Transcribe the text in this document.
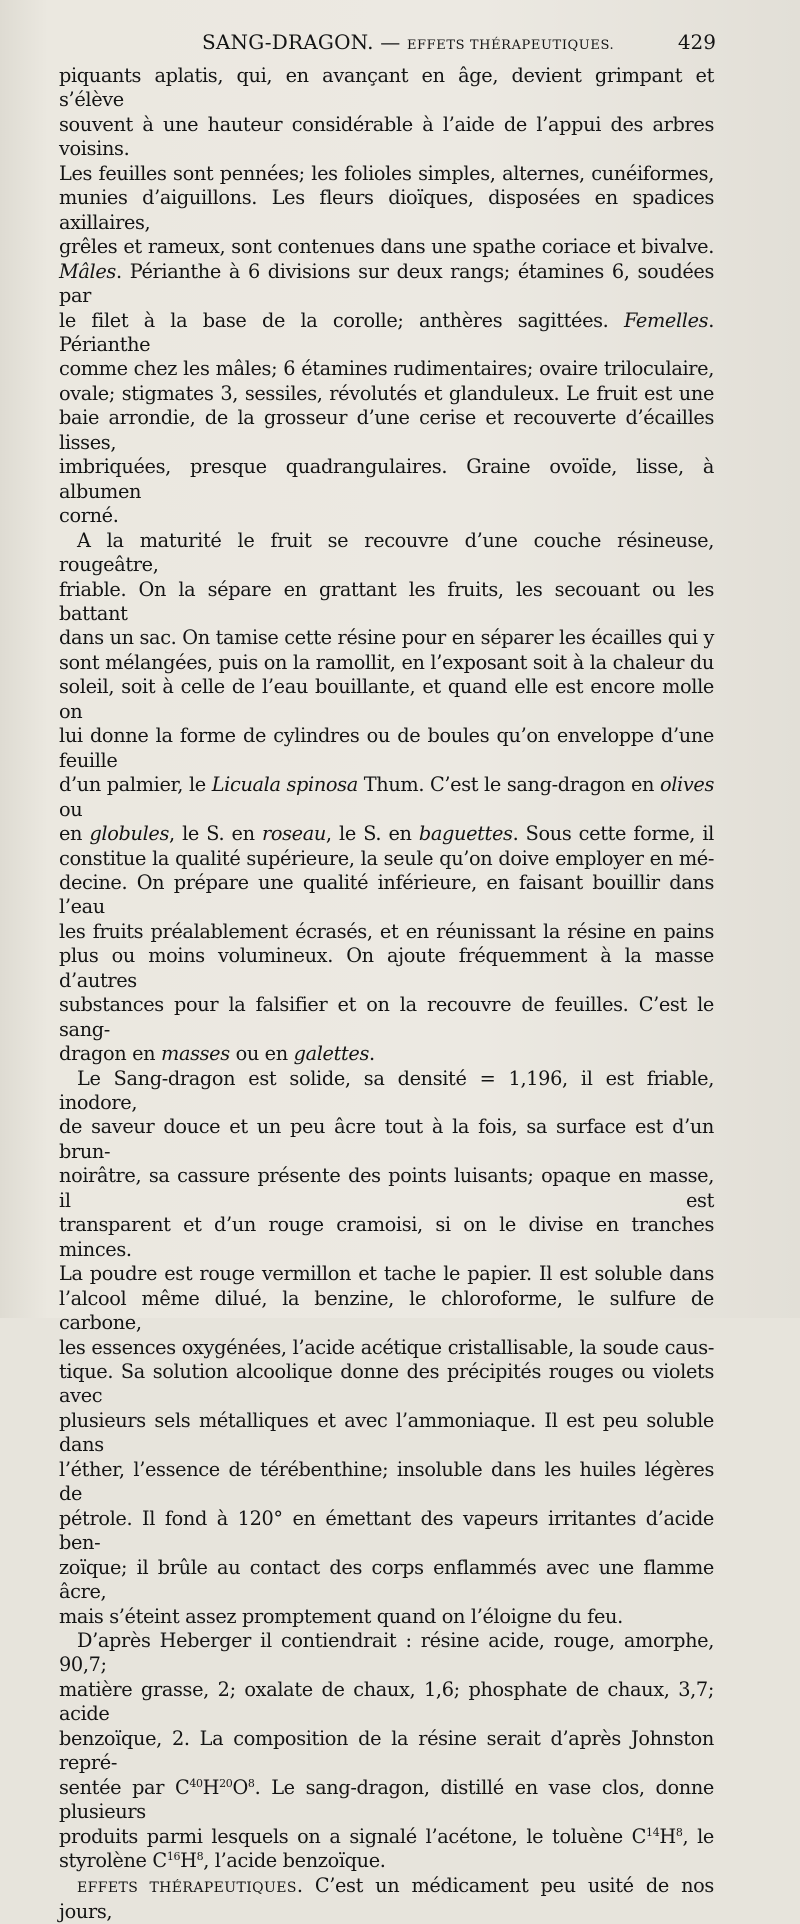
SANG-DRAGON. — EFFETS THÉRAPEUTIQUES.	429

piquants aplatis, qui, en avançant en âge, devient grimpant et s’élève

souvent à une hauteur considérable à l’aide de l’appui des arbres voisins.

Les feuilles sont pennées; les folioles simples, alternes, cunéiformes,

munies d’aiguillons. Les fleurs dioïques, disposées en spadices axillaires,

grêles et rameux, sont contenues dans une spathe coriace et bivalve.

Mâles. Périanthe à 6 divisions sur deux rangs; étamines 6, soudées par

le filet à la base de la corolle; anthères sagittées. Femelles. Périanthe

comme chez les mâles; 6 étamines rudimentaires; ovaire triloculaire,

ovale; stigmates 3, sessiles, révolutés et glanduleux. Le fruit est une

baie arrondie, de la grosseur d’une cerise et recouverte d’écailles lisses,

imbriquées, presque quadrangulaires. Graine ovoïde, lisse, à albumen

corné.

A la maturité le fruit se recouvre d’une couche résineuse, rougeâtre,

friable. On la sépare en grattant les fruits, les secouant ou les battant

dans un sac. On tamise cette résine pour en séparer les écailles qui y

sont mélangées, puis on la ramollit, en l’exposant soit à la chaleur du

soleil, soit à celle de l’eau bouillante, et quand elle est encore molle on

lui donne la forme de cylindres ou de boules qu’on enveloppe d’une feuille

d’un palmier, le Licuala spinosa Thum. C’est le sang-dragon en olives ou

en globules, le S. en roseau, le S. en baguettes. Sous cette forme, il

constitue la qualité supérieure, la seule qu’on doive employer en mé-

decine. On prépare une qualité inférieure, en faisant bouillir dans l’eau

les fruits préalablement écrasés, et en réunissant la résine en pains

plus ou moins volumineux. On ajoute fréquemment à la masse d’autres

substances pour la falsifier et on la recouvre de feuilles. C’est le sang-

dragon en masses ou en galettes.

Le Sang-dragon est solide, sa densité = 1,196, il est friable, inodore,

de saveur douce et un peu âcre tout à la fois, sa surface est d’un brun-

noirâtre, sa cassure présente des points luisants; opaque en masse, il est

transparent et d’un rouge cramoisi, si on le divise en tranches minces.

La poudre est rouge vermillon et tache le papier. Il est soluble dans

l’alcool même dilué, la benzine, le chloroforme, le sulfure de carbone,

les essences oxygénées, l’acide acétique cristallisable, la soude caus-

tique. Sa solution alcoolique donne des précipités rouges ou violets avec

plusieurs sels métalliques et avec l’ammoniaque. Il est peu soluble dans

l’éther, l’essence de térébenthine; insoluble dans les huiles légères de

pétrole. Il fond à 120° en émettant des vapeurs irritantes d’acide ben-

zoïque; il brûle au contact des corps enflammés avec une flamme âcre,

mais s’éteint assez promptement quand on l’éloigne du feu.

D’après Heberger il contiendrait : résine acide, rouge, amorphe, 90,7;

matière grasse, 2; oxalate de chaux, 1,6; phosphate de chaux, 3,7; acide

benzoïque, 2. La composition de la résine serait d’après Johnston repré-

sentée par $C^{40}H^{20}O^8$. Le sang-dragon, distillé en vase clos, donne plusieurs

produits parmi lesquels on a signalé l’acétone, le toluène $C^{14}H^8$, le

styrolène $C^{16}H^8$, l’acide benzoïque.

EFFETS THÉRAPEUTIQUES. C’est un médicament peu usité de nos jours,
